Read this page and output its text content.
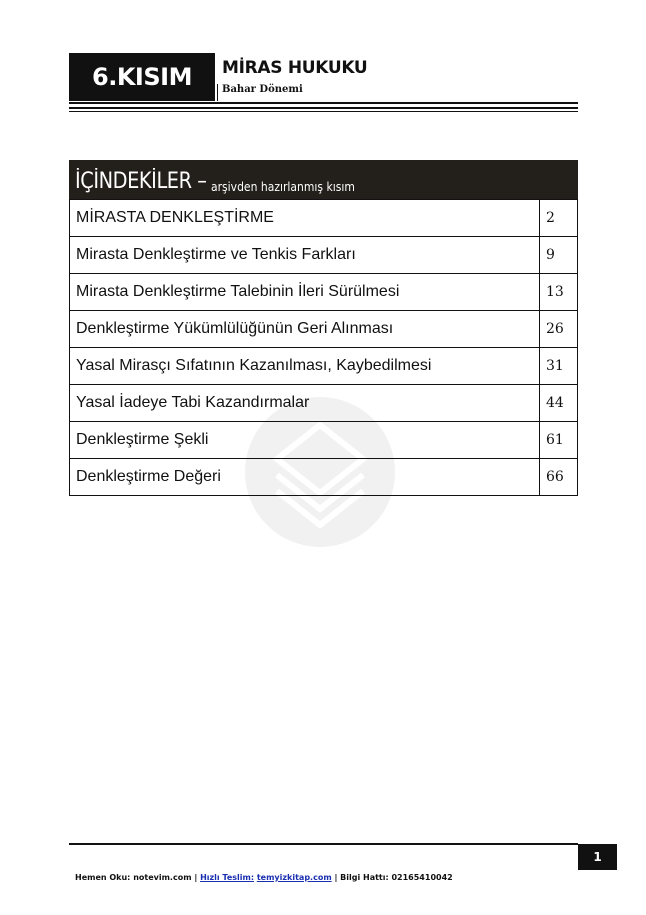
6.KISIM	MİRAS HUKUKU
Bahar Dönemi
İÇİNDEKİLER – arşivden hazırlanmış kısım
MİRASTA DENKLEŞTİRME	2
Mirasta Denkleştirme ve Tenkis Farkları	9
Mirasta Denkleştirme Talebinin İleri Sürülmesi	13
Denkleştirme Yükümlülüğünün Geri Alınması	26
Yasal Mirasçı Sıfatının Kazanılması, Kaybedilmesi	31
Yasal İadeye Tabi Kazandırmalar	44
Denkleştirme Şekli	61
Denkleştirme Değeri	66
1
Hemen Oku: notevim.com | Hızlı Teslim: temyizkitap.com | Bilgi Hattı: 02165410042
